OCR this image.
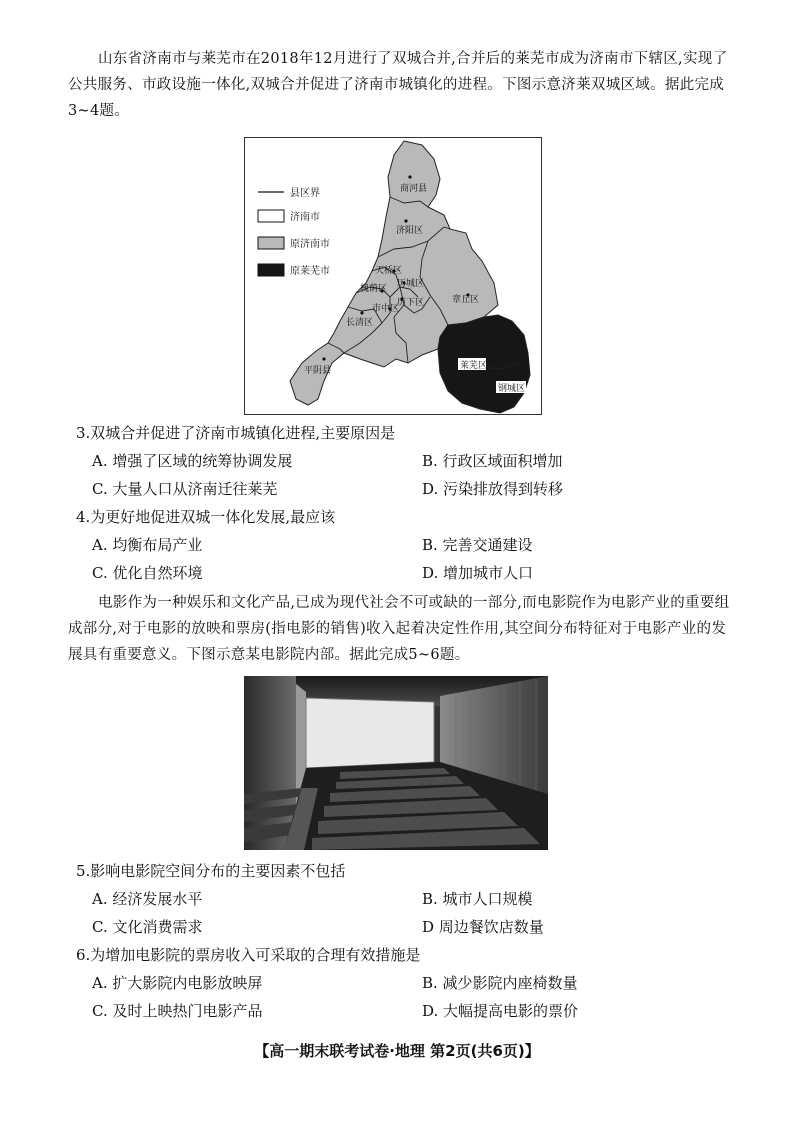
山东省济南市与莱芜市在2018年12月进行了双城合并,合并后的莱芜市成为济南市下辖区,实现了公共服务、市政设施一体化,双城合并促进了济南市城镇化的进程。下图示意济莱双城区域。据此完成3~4题。

县区界
济南市
原济南市
原莱芜市
商河县
济阳区
天桥区
历城区
槐荫区
历下区
市中区
长清区
章丘区
平阴县	莱芜区
钢城区

3.双城合并促进了济南市城镇化进程,主要原因是

A. 增强了区域的统筹协调发展	B. 行政区域面积增加

C. 大量人口从济南迁往莱芜	D. 污染排放得到转移

4.为更好地促进双城一体化发展,最应该

A. 均衡布局产业	B. 完善交通建设

C. 优化自然环境	D. 增加城市人口

电影作为一种娱乐和文化产品,已成为现代社会不可或缺的一部分,而电影院作为电影产业的重要组成部分,对于电影的放映和票房(指电影的销售)收入起着决定性作用,其空间分布特征对于电影产业的发展具有重要意义。下图示意某电影院内部。据此完成5~6题。

5.影响电影院空间分布的主要因素不包括

A. 经济发展水平	B. 城市人口规模

C. 文化消费需求	D 周边餐饮店数量

6.为增加电影院的票房收入可采取的合理有效措施是

A. 扩大影院内电影放映屏	B. 减少影院内座椅数量

C. 及时上映热门电影产品	D. 大幅提高电影的票价

【高一期末联考试卷·地理 第2页(共6页)】
